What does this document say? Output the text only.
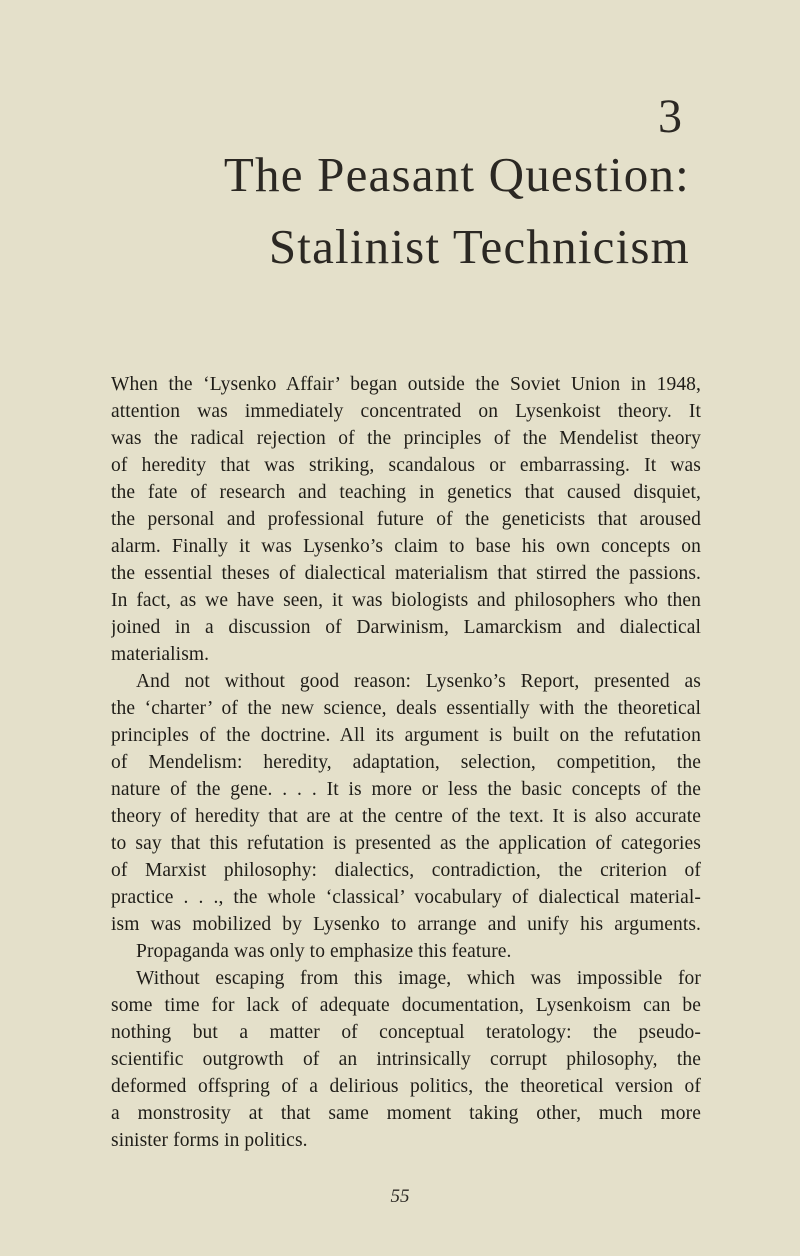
3
The Peasant Question:
Stalinist Technicism
When the ‘Lysenko Affair’ began outside the Soviet Union in 1948,
attention was immediately concentrated on Lysenkoist theory. It
was the radical rejection of the principles of the Mendelist theory
of heredity that was striking, scandalous or embarrassing. It was
the fate of research and teaching in genetics that caused disquiet,
the personal and professional future of the geneticists that aroused
alarm. Finally it was Lysenko’s claim to base his own concepts on
the essential theses of dialectical materialism that stirred the passions.
In fact, as we have seen, it was biologists and philosophers who then
joined in a discussion of Darwinism, Lamarckism and dialectical
materialism.
And not without good reason: Lysenko’s Report, presented as
the ‘charter’ of the new science, deals essentially with the theoretical
principles of the doctrine. All its argument is built on the refutation
of Mendelism: heredity, adaptation, selection, competition, the
nature of the gene. . . . It is more or less the basic concepts of the
theory of heredity that are at the centre of the text. It is also accurate
to say that this refutation is presented as the application of categories
of Marxist philosophy: dialectics, contradiction, the criterion of
practice . . ., the whole ‘classical’ vocabulary of dialectical material-
ism was mobilized by Lysenko to arrange and unify his arguments.
Propaganda was only to emphasize this feature.
Without escaping from this image, which was impossible for
some time for lack of adequate documentation, Lysenkoism can be
nothing but a matter of conceptual teratology: the pseudo-
scientific outgrowth of an intrinsically corrupt philosophy, the
deformed offspring of a delirious politics, the theoretical version of
a monstrosity at that same moment taking other, much more
sinister forms in politics.
55
